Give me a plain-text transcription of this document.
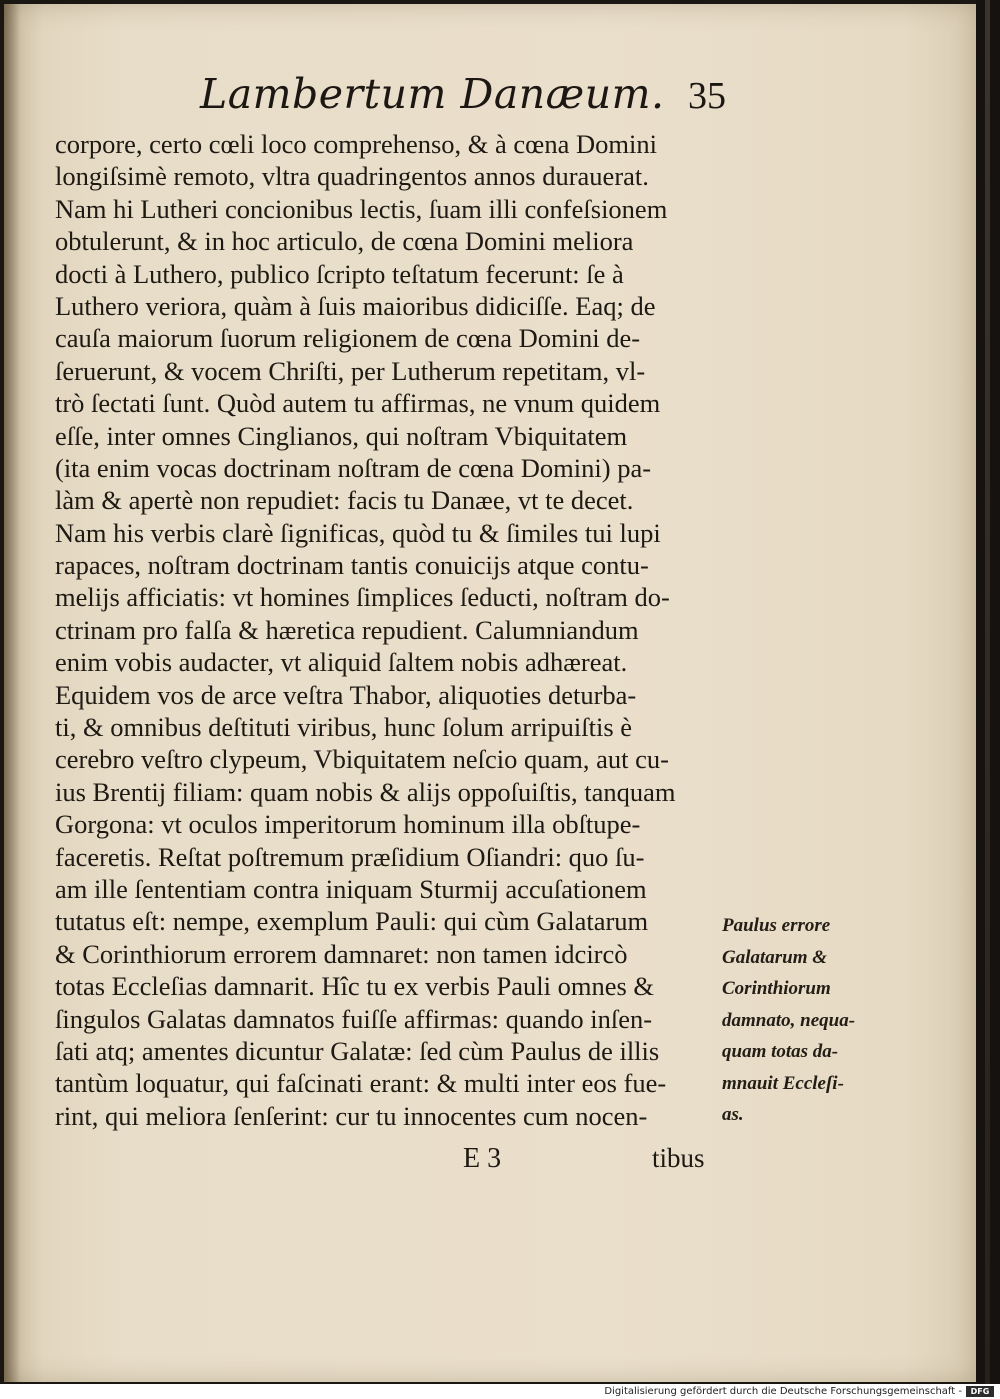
Lambertum Danæum. 35
corpore, certo cœli loco comprehenso, & à cœna Domini
longiſsimè remoto, vltra quadringentos annos durauerat.
Nam hi Lutheri concionibus lectis, ſuam illi confeſsionem
obtulerunt, & in hoc articulo, de cœna Domini meliora
docti à Luthero, publico ſcripto teſtatum fecerunt: ſe à
Luthero veriora, quàm à ſuis maioribus didiciſſe. Eaq; de
cauſa maiorum ſuorum religionem de cœna Domini de-
ſeruerunt, & vocem Chriſti, per Lutherum repetitam, vl-
trò ſectati ſunt. Quòd autem tu affirmas, ne vnum quidem
eſſe, inter omnes Cinglianos, qui noſtram Vbiquitatem
(ita enim vocas doctrinam noſtram de cœna Domini) pa-
làm & apertè non repudiet: facis tu Danæe, vt te decet.
Nam his verbis clarè ſignificas, quòd tu & ſimiles tui lupi
rapaces, noſtram doctrinam tantis conuicijs atque contu-
melijs afficiatis: vt homines ſimplices ſeducti, noſtram do-
ctrinam pro falſa & hæretica repudient. Calumniandum
enim vobis audacter, vt aliquid ſaltem nobis adhæreat.
Equidem vos de arce veſtra Thabor, aliquoties deturba-
ti, & omnibus deſtituti viribus, hunc ſolum arripuiſtis è
cerebro veſtro clypeum, Vbiquitatem neſcio quam, aut cu-
ius Brentij filiam: quam nobis & alijs oppoſuiſtis, tanquam
Gorgona: vt oculos imperitorum hominum illa obſtupe-
faceretis. Reſtat poſtremum præſidium Oſiandri: quo ſu-
am ille ſententiam contra iniquam Sturmij accuſationem
tutatus eſt: nempe, exemplum Pauli: qui cùm Galatarum
& Corinthiorum errorem damnaret: non tamen idcircò
totas Eccleſias damnarit. Hîc tu ex verbis Pauli omnes &
ſingulos Galatas damnatos fuiſſe affirmas: quando inſen-
ſati atq; amentes dicuntur Galatæ: ſed cùm Paulus de illis
tantùm loquatur, qui faſcinati erant: & multi inter eos fue-
rint, qui meliora ſenſerint: cur tu innocentes cum nocen-
Paulus errore
Galatarum &
Corinthiorum
damnato, nequa-
quam totas da-
mnauit Eccleſi-
as.
E 3	tibus
Digitalisierung gefördert durch die Deutsche Forschungsgemeinschaft -	DFG
